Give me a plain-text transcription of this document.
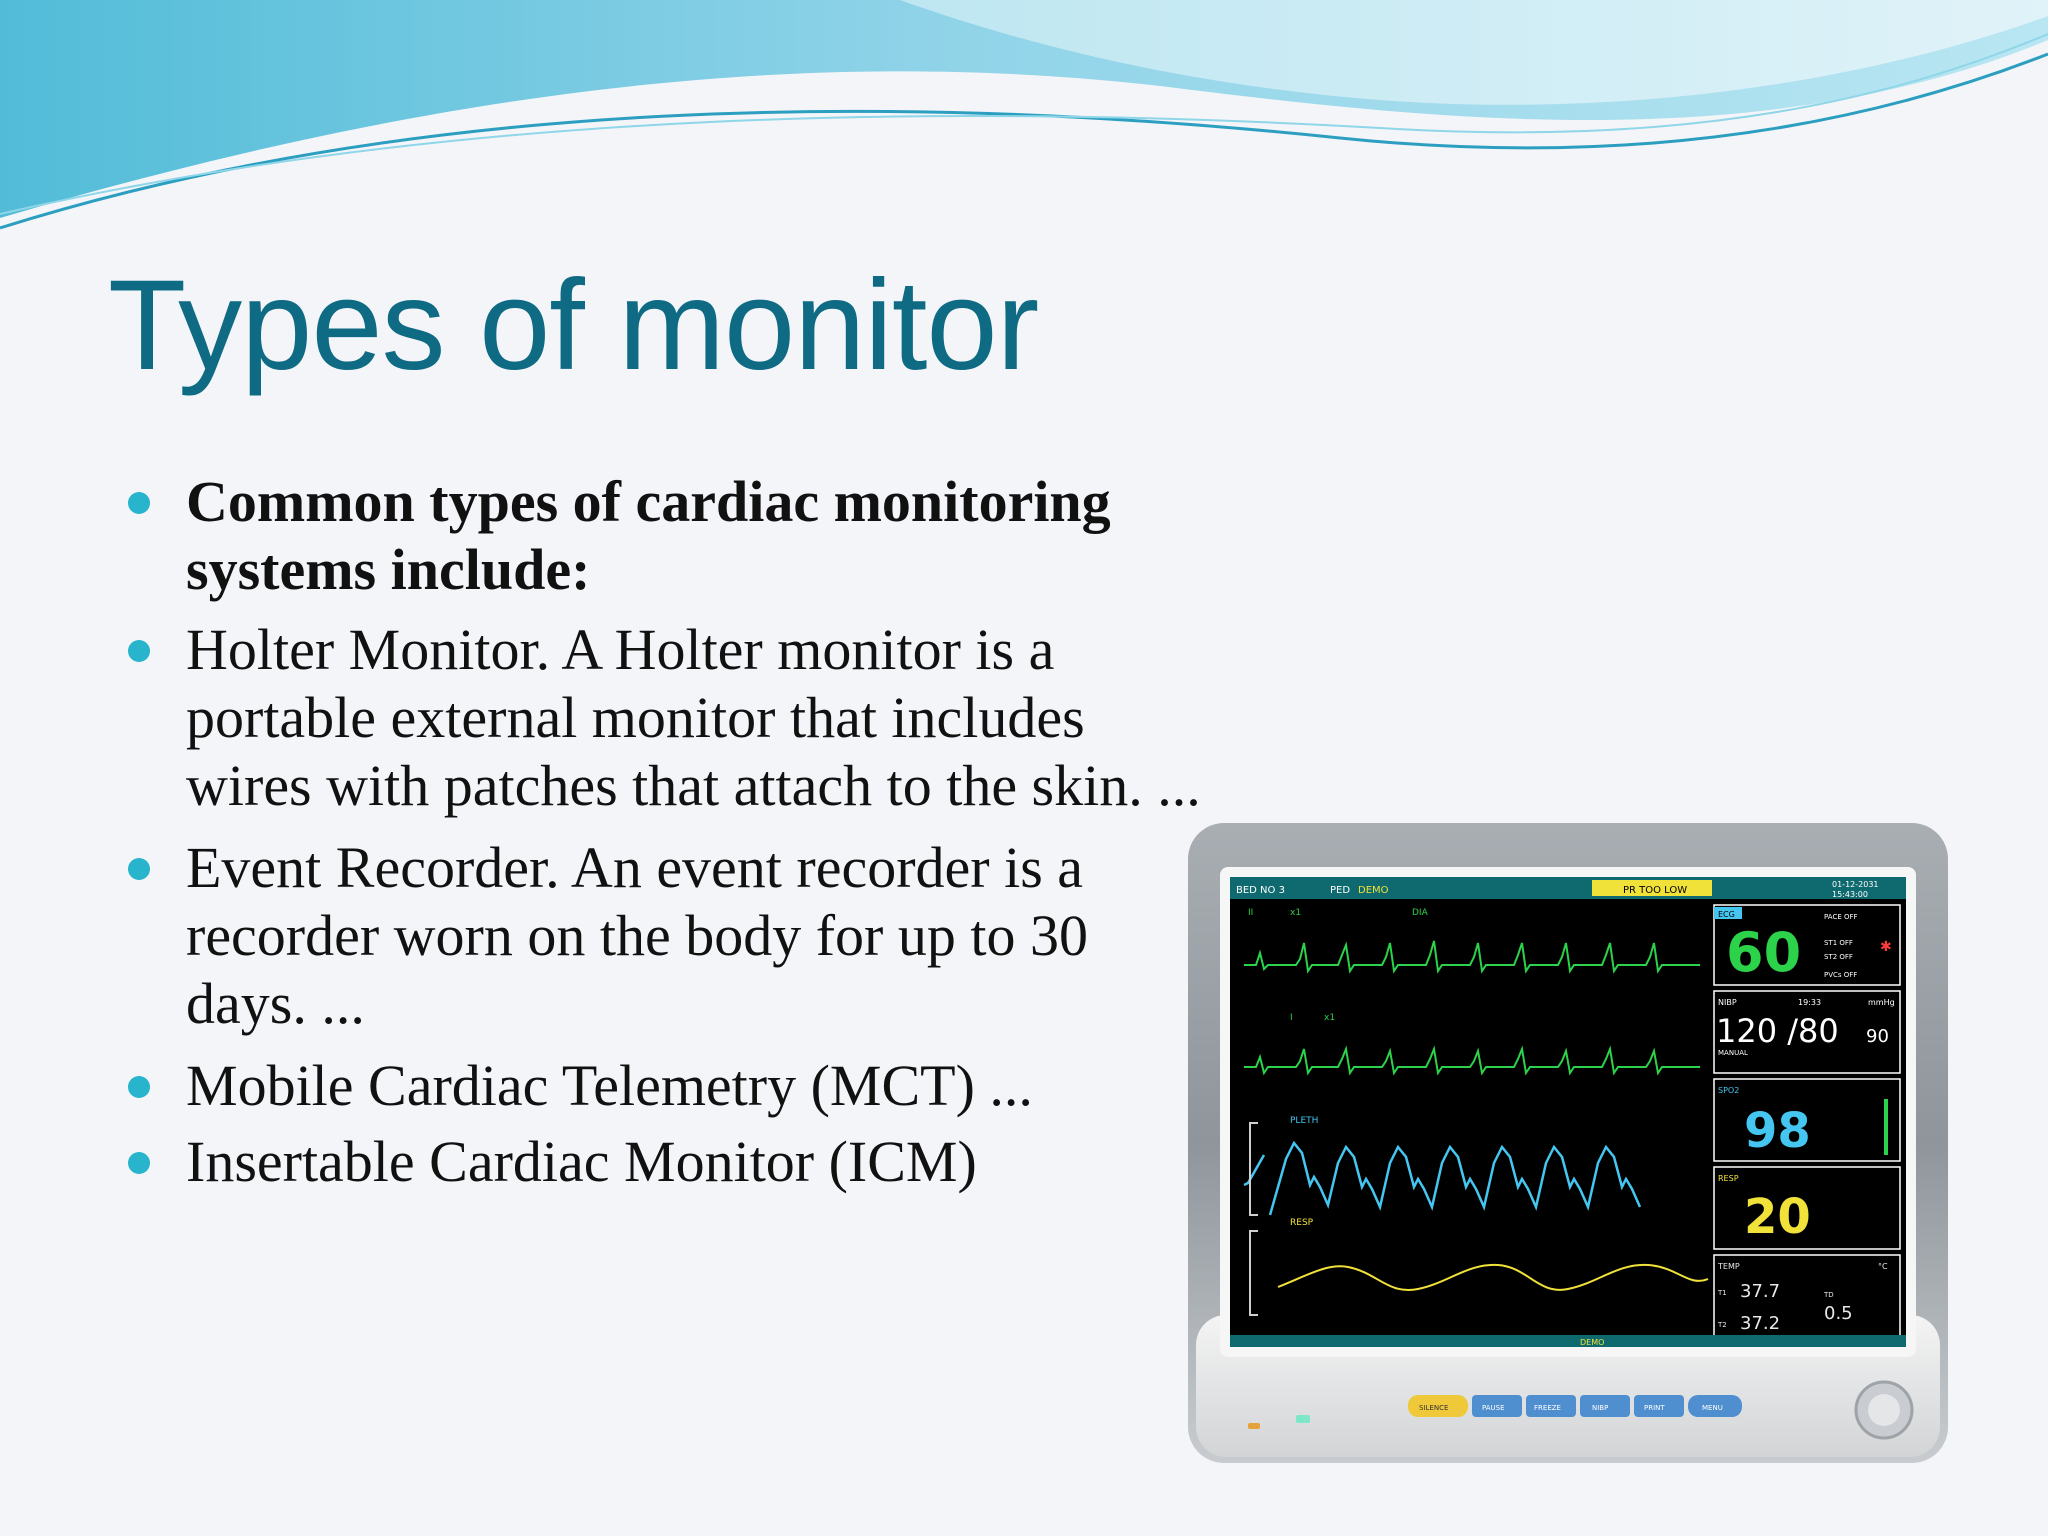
Types of monitor
Common types of cardiac monitoring systems include:
Holter Monitor. A Holter monitor is a portable external monitor that includes wires with patches that attach to the skin. ...
Event Recorder. An event recorder is a recorder worn on the body for up to 30 days. ...
Mobile Cardiac Telemetry (MCT) ...
Insertable Cardiac Monitor (ICM)
BED NO 3	PED DEMO	PR TOO LOW
01-12-2031
15:43:00
II	x1	DIA
I	x1
PLETH
RESP
ECG
60
PACE OFF
ST1 OFF
ST2 OFF
PVCs OFF
✱
NIBP	19:33	mmHg
120 /80 90
MANUAL
SPO2
98
RESP
20
TEMP	°C
T1 37.7
T2 37.2
TD
0.5
DEMO
SILENCE	PAUSE	FREEZE	NIBP	PRINT	MENU
